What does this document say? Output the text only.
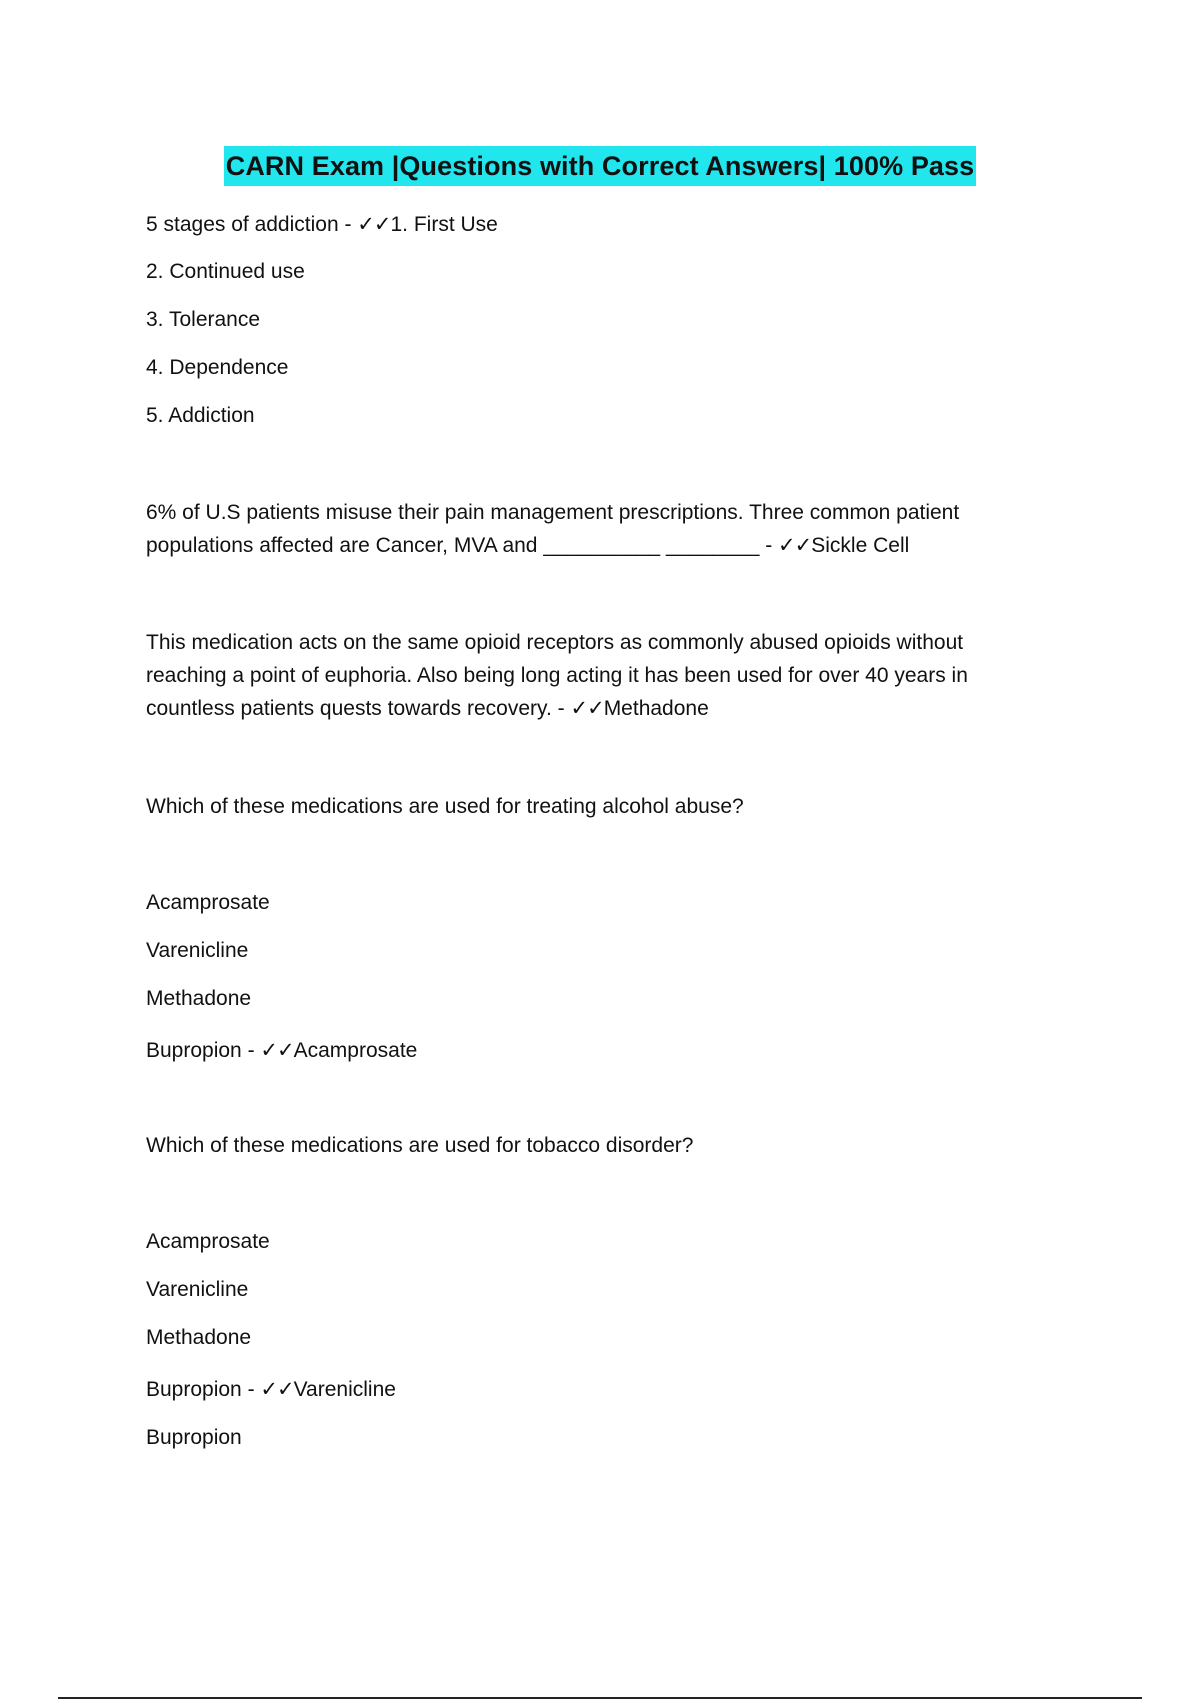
CARN Exam |Questions with Correct Answers| 100% Pass
5 stages of addiction - ✓✓1. First Use
2. Continued use
3. Tolerance
4. Dependence
5. Addiction
6% of U.S patients misuse their pain management prescriptions. Three common patient
populations affected are Cancer, MVA and __________ ________ - ✓✓Sickle Cell
This medication acts on the same opioid receptors as commonly abused opioids without
reaching a point of euphoria. Also being long acting it has been used for over 40 years in
countless patients quests towards recovery. - ✓✓Methadone
Which of these medications are used for treating alcohol abuse?
Acamprosate
Varenicline
Methadone
Bupropion - ✓✓Acamprosate
Which of these medications are used for tobacco disorder?
Acamprosate
Varenicline
Methadone
Bupropion - ✓✓Varenicline
Bupropion
